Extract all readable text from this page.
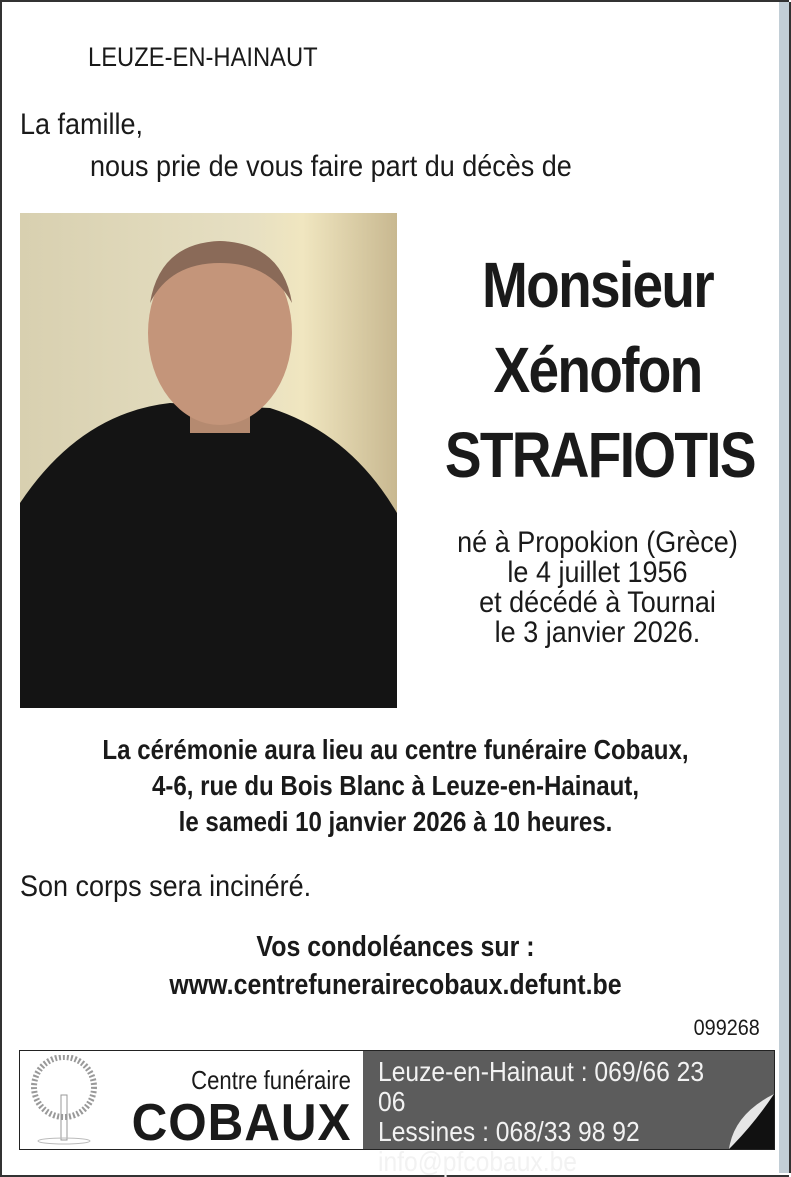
LEUZE-EN-HAINAUT
La famille,
nous prie de vous faire part du décès de
Monsieur
Xénofon
STRAFIOTIS
né à Propokion (Grèce)
le 4 juillet 1956
et décédé à Tournai
le 3 janvier 2026.
La cérémonie aura lieu au centre funéraire Cobaux,
4-6, rue du Bois Blanc à Leuze-en-Hainaut,
le samedi 10 janvier 2026 à 10 heures.
Son corps sera incinéré.
Vos condoléances sur :
www.centrefunerairecobaux.defunt.be
099268
Centre funéraire
COBAUX
Leuze-en-Hainaut : 069/66 23 06
Lessines : 068/33 98 92
info@pfcobaux.be
